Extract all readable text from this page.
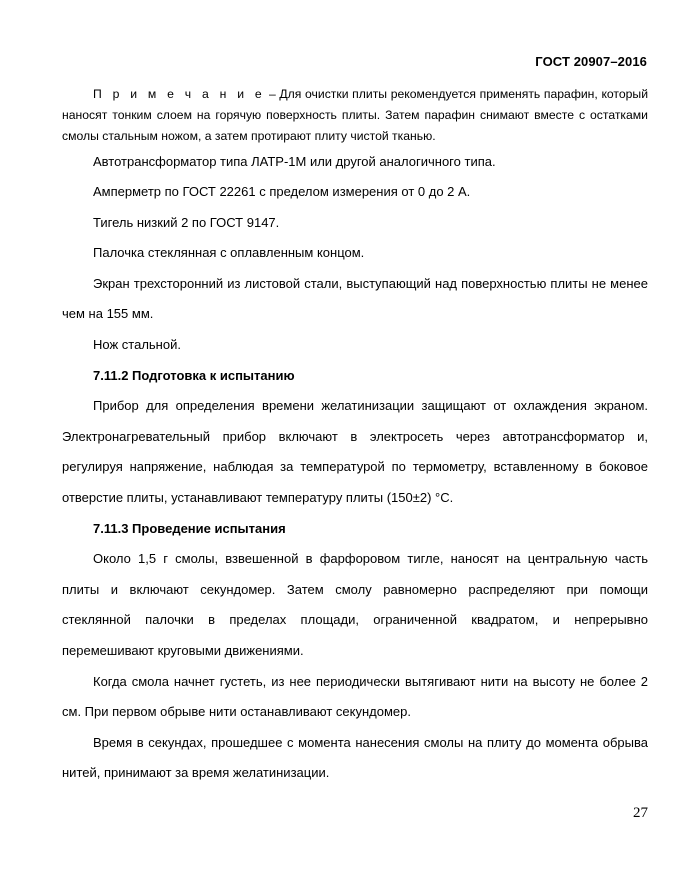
ГОСТ 20907–2016

П р и м е ч а н и е – Для очистки плиты рекомендуется применять парафин, который наносят тонким слоем на горячую поверхность плиты. Затем парафин снимают вместе с остатками смолы стальным ножом, а затем протирают плиту чистой тканью.

Автотрансформатор типа ЛАТР-1М или другой аналогичного типа.

Амперметр по ГОСТ 22261 с пределом измерения от 0 до 2 А.

Тигель низкий 2 по ГОСТ 9147.

Палочка стеклянная с оплавленным концом.

Экран трехсторонний из листовой стали, выступающий над поверхностью плиты не менее чем на 155 мм.

Нож стальной.

7.11.2 Подготовка к испытанию

Прибор для определения времени желатинизации защищают от охлаждения экраном. Электронагревательный прибор включают в электросеть через автотрансформатор и, регулируя напряжение, наблюдая за температурой по термометру, вставленному в боковое отверстие плиты, устанавливают температуру плиты (150±2) °С.

7.11.3 Проведение испытания

Около 1,5 г смолы, взвешенной в фарфоровом тигле, наносят на центральную часть плиты и включают секундомер. Затем смолу равномерно распределяют при помощи стеклянной палочки в пределах площади, ограниченной квадратом, и непрерывно перемешивают круговыми движениями.

Когда смола начнет густеть, из нее периодически вытягивают нити на высоту не более 2 см. При первом обрыве нити останавливают секундомер.

Время в секундах, прошедшее с момента нанесения смолы на плиту до момента обрыва нитей, принимают за время желатинизации.

27
